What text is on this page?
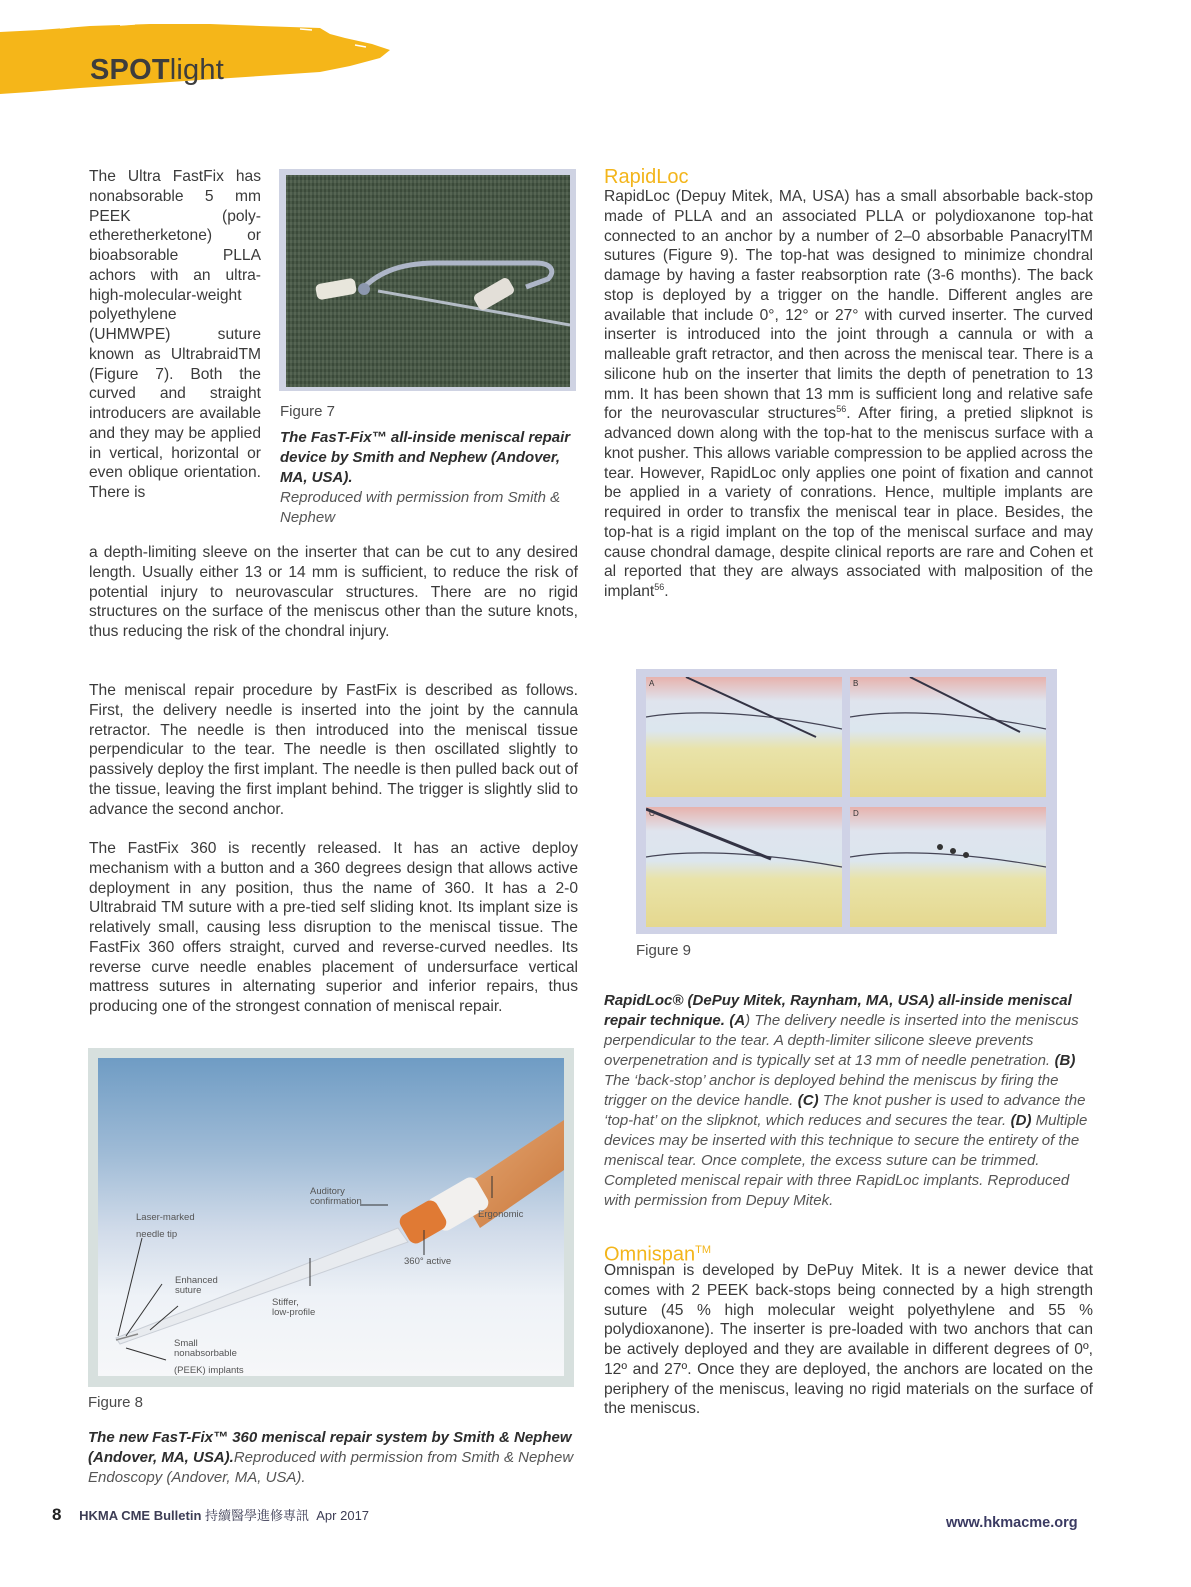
SPOTlight

The Ultra FastFix has nonabsorable 5 mm PEEK (poly-etheretherketone) or bioabsorable PLLA achors with an ultra-high-molecular-weight polyethylene (UHMWPE) suture known as UltrabraidTM (Figure 7). Both the curved and straight introducers are available and they may be applied in vertical, horizontal or even oblique orientation. There is

Figure 7
The FasT-Fix™ all-inside meniscal repair device by Smith and Nephew (Andover, MA, USA).
Reproduced with permission from Smith & Nephew

a depth-limiting sleeve on the inserter that can be cut to any desired length. Usually either 13 or 14 mm is sufficient, to reduce the risk of potential injury to neurovascular structures. There are no rigid structures on the surface of the meniscus other than the suture knots, thus reducing the risk of the chondral injury.

The meniscal repair procedure by FastFix is described as follows. First, the delivery needle is inserted into the joint by the cannula retractor. The needle is then introduced into the meniscal tissue perpendicular to the tear. The needle is then oscillated slightly to passively deploy the first implant. The needle is then pulled back out of the tissue, leaving the first implant behind. The trigger is slightly slid to advance the second anchor.

The FastFix 360 is recently released. It has an active deploy mechanism with a button and a 360 degrees design that allows active deployment in any position, thus the name of 360. It has a 2-0 Ultrabraid TM suture with a pre-tied self sliding knot. Its implant size is relatively small, causing less disruption to the meniscal tissue. The FastFix 360 offers straight, curved and reverse-curved needles. Its reverse curve needle enables placement of undersurface vertical mattress sutures in alternating superior and inferior repairs, thus producing one of the strongest connation of meniscal repair.

Laser-marked
needle tip
Enhanced
suture
Small
nonabsorbable
(PEEK) implants
Stiffer,
low-profile
Auditory
confirmation
360° active
Ergonomic
Figure 8
The new FasT-Fix™ 360 meniscal repair system by Smith & Nephew (Andover, MA, USA).Reproduced with permission from Smith & Nephew Endoscopy (Andover, MA, USA).
RapidLoc

RapidLoc (Depuy Mitek, MA, USA) has a small absorbable back-stop made of PLLA and an associated PLLA or polydioxanone top-hat connected to an anchor by a number of 2–0 absorbable PanacrylTM sutures (Figure 9). The top-hat was designed to minimize chondral damage by having a faster reabsorption rate (3-6 months). The back stop is deployed by a trigger on the handle. Different angles are available that include 0°, 12° or 27° with curved inserter. The curved inserter is introduced into the joint through a cannula or with a malleable graft retractor, and then across the meniscal tear. There is a silicone hub on the inserter that limits the depth of penetration to 13 mm. It has been shown that 13 mm is sufficient long and relative safe for the neurovascular structures$^{56}$. After firing, a pretied slipknot is advanced down along with the top-hat to the meniscus surface with a knot pusher. This allows variable compression to be applied across the tear. However, RapidLoc only applies one point of fixation and cannot be applied in a variety of conrations. Hence, multiple implants are required in order to transfix the meniscal tear in place. Besides, the top-hat is a rigid implant on the top of the meniscal surface and may cause chondral damage, despite clinical reports are rare and Cohen et al reported that they are always associated with malposition of the implant$^{56}$.

A	B
C	D
Figure 9
RapidLoc® (DePuy Mitek, Raynham, MA, USA) all-inside meniscal repair technique. (A) The delivery needle is inserted into the meniscus perpendicular to the tear. A depth-limiter silicone sleeve prevents overpenetration and is typically set at 13 mm of needle penetration. (B) The ‘back-stop’ anchor is deployed behind the meniscus by firing the trigger on the device handle. (C) The knot pusher is used to advance the ‘top-hat’ on the slipknot, which reduces and secures the tear. (D) Multiple devices may be inserted with this technique to secure the entirety of the meniscal tear. Once complete, the excess suture can be trimmed. Completed meniscal repair with three RapidLoc implants. Reproduced with permission from Depuy Mitek.
Omnispan™

Omnispan is developed by DePuy Mitek. It is a newer device that comes with 2 PEEK back-stops being connected by a high strength suture (45 % high molecular weight polyethylene and 55 % polydioxanone). The inserter is pre-loaded with two anchors that can be actively deployed and they are available in different degrees of 0º, 12º and 27º. Once they are deployed, the anchors are located on the periphery of the meniscus, leaving no rigid materials on the surface of the meniscus.

8 HKMA CME Bulletin 持續醫學進修專訊 Apr 2017	www.hkmacme.org
